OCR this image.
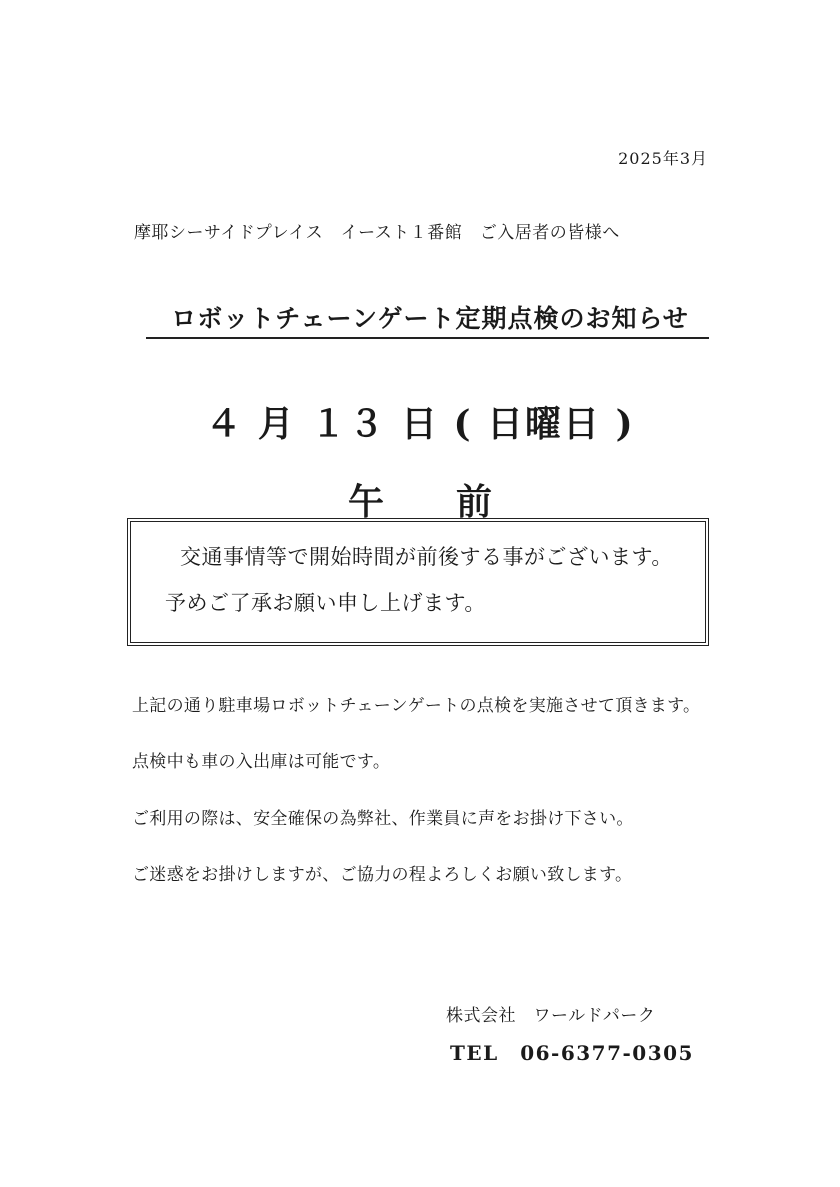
2025年3月
摩耶シーサイドプレイス　イースト１番館　ご入居者の皆様へ
ロボットチェーンゲート定期点検のお知らせ
４ 月 １３ 日 ( 日曜日 )
午　　前
交通事情等で開始時間が前後する事がございます。
予めご了承お願い申し上げます。
上記の通り駐車場ロボットチェーンゲートの点検を実施させて頂きます。
点検中も車の入出庫は可能です。
ご利用の際は、安全確保の為弊社、作業員に声をお掛け下さい。
ご迷惑をお掛けしますが、ご協力の程よろしくお願い致します。
株式会社　ワールドパーク
TEL　06-6377-0305
